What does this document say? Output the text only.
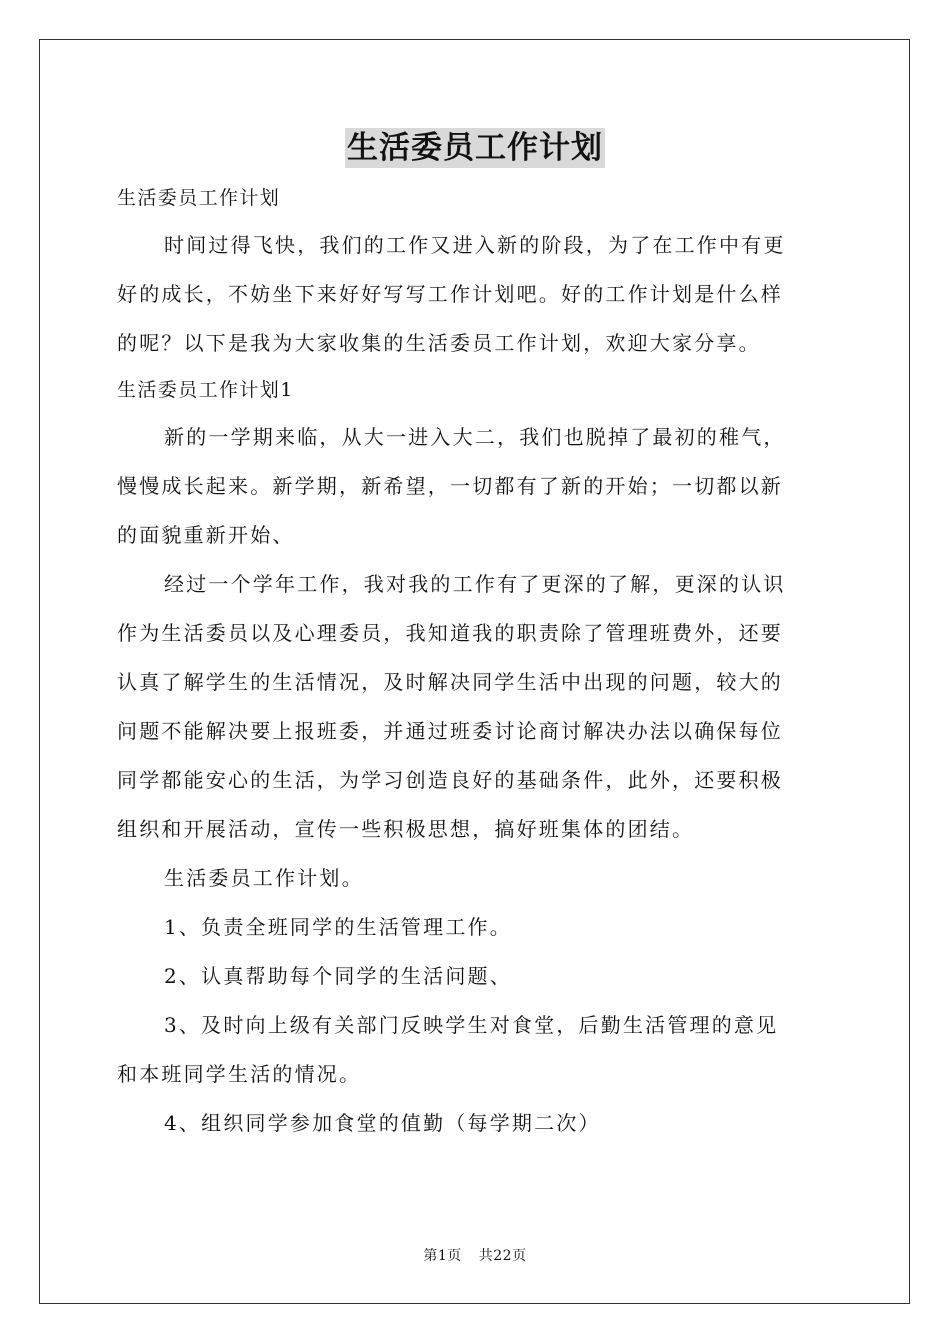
生活委员工作计划
生活委员工作计划
时间过得飞快，我们的工作又进入新的阶段，为了在工作中有更
好的成长，不妨坐下来好好写写工作计划吧。好的工作计划是什么样
的呢？以下是我为大家收集的生活委员工作计划，欢迎大家分享。
生活委员工作计划1
新的一学期来临，从大一进入大二，我们也脱掉了最初的稚气，
慢慢成长起来。新学期，新希望，一切都有了新的开始；一切都以新
的面貌重新开始、
经过一个学年工作，我对我的工作有了更深的了解，更深的认识
作为生活委员以及心理委员，我知道我的职责除了管理班费外，还要
认真了解学生的生活情况，及时解决同学生活中出现的问题，较大的
问题不能解决要上报班委，并通过班委讨论商讨解决办法以确保每位
同学都能安心的生活，为学习创造良好的基础条件，此外，还要积极
组织和开展活动，宣传一些积极思想，搞好班集体的团结。
生活委员工作计划。
1、负责全班同学的生活管理工作。
2、认真帮助每个同学的生活问题、
3、及时向上级有关部门反映学生对食堂，后勤生活管理的意见
和本班同学生活的情况。
4、组织同学参加食堂的值勤（每学期二次）
第1页 共22页
